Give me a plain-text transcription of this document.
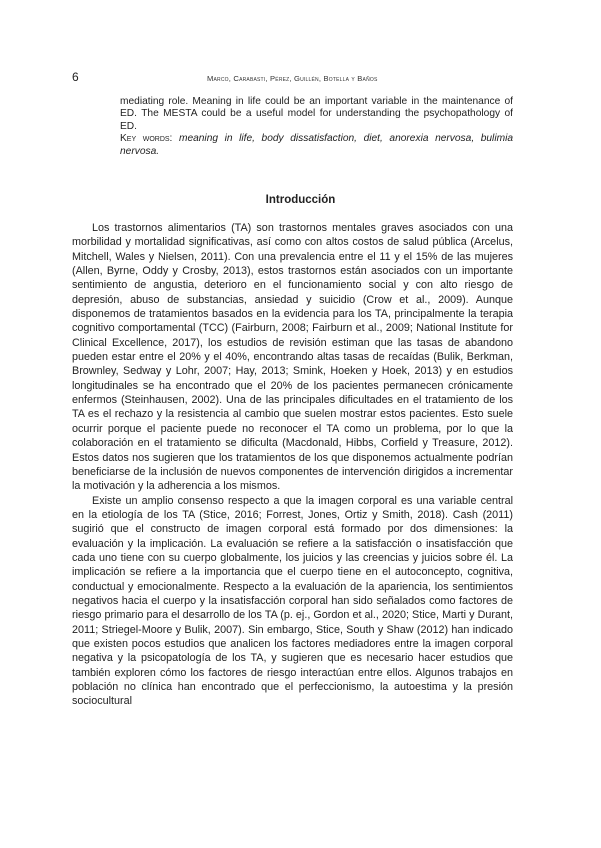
6	Marco, Carabasti, Pérez, Guillén, Botella y Baños

mediating role. Meaning in life could be an important variable in the maintenance of ED. The MESTA could be a useful model for understanding the psychopathology of ED.

Key words: meaning in life, body dissatisfaction, diet, anorexia nervosa, bulimia nervosa.

Introducción

Los trastornos alimentarios (TA) son trastornos mentales graves asociados con una morbilidad y mortalidad significativas, así como con altos costos de salud pública (Arcelus, Mitchell, Wales y Nielsen, 2011). Con una prevalencia entre el 11 y el 15% de las mujeres (Allen, Byrne, Oddy y Crosby, 2013), estos trastornos están asociados con un importante sentimiento de angustia, deterioro en el funcionamiento social y con alto riesgo de depresión, abuso de substancias, ansiedad y suicidio (Crow et al., 2009). Aunque disponemos de tratamientos basados en la evidencia para los TA, principalmente la terapia cognitivo comportamental (TCC) (Fairburn, 2008; Fairburn et al., 2009; National Institute for Clinical Excellence, 2017), los estudios de revisión estiman que las tasas de abandono pueden estar entre el 20% y el 40%, encontrando altas tasas de recaídas (Bulik, Berkman, Brownley, Sedway y Lohr, 2007; Hay, 2013; Smink, Hoeken y Hoek, 2013) y en estudios longitudinales se ha encontrado que el 20% de los pacientes permanecen crónicamente enfermos (Steinhausen, 2002). Una de las principales dificultades en el tratamiento de los TA es el rechazo y la resistencia al cambio que suelen mostrar estos pacientes. Esto suele ocurrir porque el paciente puede no reconocer el TA como un problema, por lo que la colaboración en el tratamiento se dificulta (Macdonald, Hibbs, Corfield y Treasure, 2012). Estos datos nos sugieren que los tratamientos de los que disponemos actualmente podrían beneficiarse de la inclusión de nuevos componentes de intervención dirigidos a incrementar la motivación y la adherencia a los mismos.

Existe un amplio consenso respecto a que la imagen corporal es una variable central en la etiología de los TA (Stice, 2016; Forrest, Jones, Ortiz y Smith, 2018). Cash (2011) sugirió que el constructo de imagen corporal está formado por dos dimensiones: la evaluación y la implicación. La evaluación se refiere a la satisfacción o insatisfacción que cada uno tiene con su cuerpo globalmente, los juicios y las creencias y juicios sobre él. La implicación se refiere a la importancia que el cuerpo tiene en el autoconcepto, cognitiva, conductual y emocionalmente. Respecto a la evaluación de la apariencia, los sentimientos negativos hacia el cuerpo y la insatisfacción corporal han sido señalados como factores de riesgo primario para el desarrollo de los TA (p. ej., Gordon et al., 2020; Stice, Marti y Durant, 2011; Striegel-Moore y Bulik, 2007). Sin embargo, Stice, South y Shaw (2012) han indicado que existen pocos estudios que analicen los factores mediadores entre la imagen corporal negativa y la psicopatología de los TA, y sugieren que es necesario hacer estudios que también exploren cómo los factores de riesgo interactúan entre ellos. Algunos trabajos en población no clínica han encontrado que el perfeccionismo, la autoestima y la presión sociocultural
